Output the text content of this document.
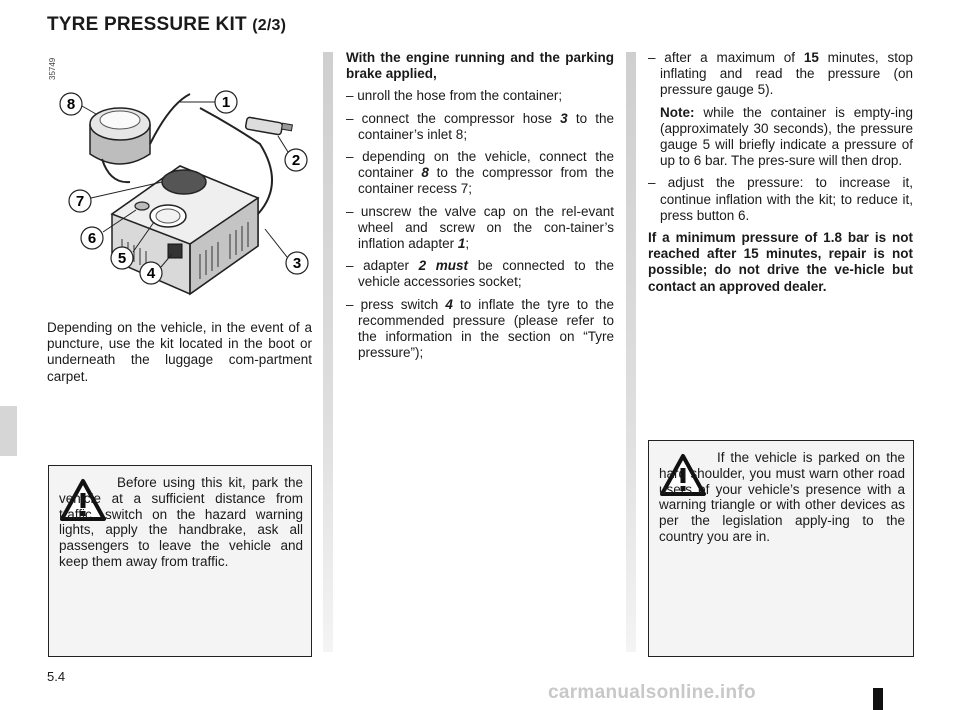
TYRE PRESSURE KIT (2/3)
35749
1
2
3
4
5
6
7
8

Depending on the vehicle, in the event of a puncture, use the kit located in the boot or underneath the luggage com-partment carpet.

Before using this kit, park the vehicle at a sufficient distance from traffic, switch on the hazard warning lights, apply the handbrake, ask all passengers to leave the vehicle and keep them away from traffic.

With the engine running and the parking brake applied,

– unroll the hose from the container;
– connect the compressor hose 3 to the container’s inlet 8;
– depending on the vehicle, connect the container 8 to the compressor from the container recess 7;
– unscrew the valve cap on the rel-evant wheel and screw on the con-tainer’s inflation adapter 1;
– adapter 2 must be connected to the vehicle accessories socket;
– press switch 4 to inflate the tyre to the recommended pressure (please refer to the information in the section on “Tyre pressure”);
– after a maximum of 15 minutes, stop inflating and read the pressure (on pressure gauge 5).
Note: while the container is empty-ing (approximately 30 seconds), the pressure gauge 5 will briefly indicate a pressure of up to 6 bar. The pres-sure will then drop.
– adjust the pressure: to increase it, continue inflation with the kit; to reduce it, press button 6.

If a minimum pressure of 1.8 bar is not reached after 15 minutes, repair is not possible; do not drive the ve-hicle but contact an approved dealer.

If the vehicle is parked on the hard shoulder, you must warn other road users of your vehicle’s presence with a warning triangle or with other devices as per the legislation apply-ing to the country you are in.
5.4
carmanualsonline.info
